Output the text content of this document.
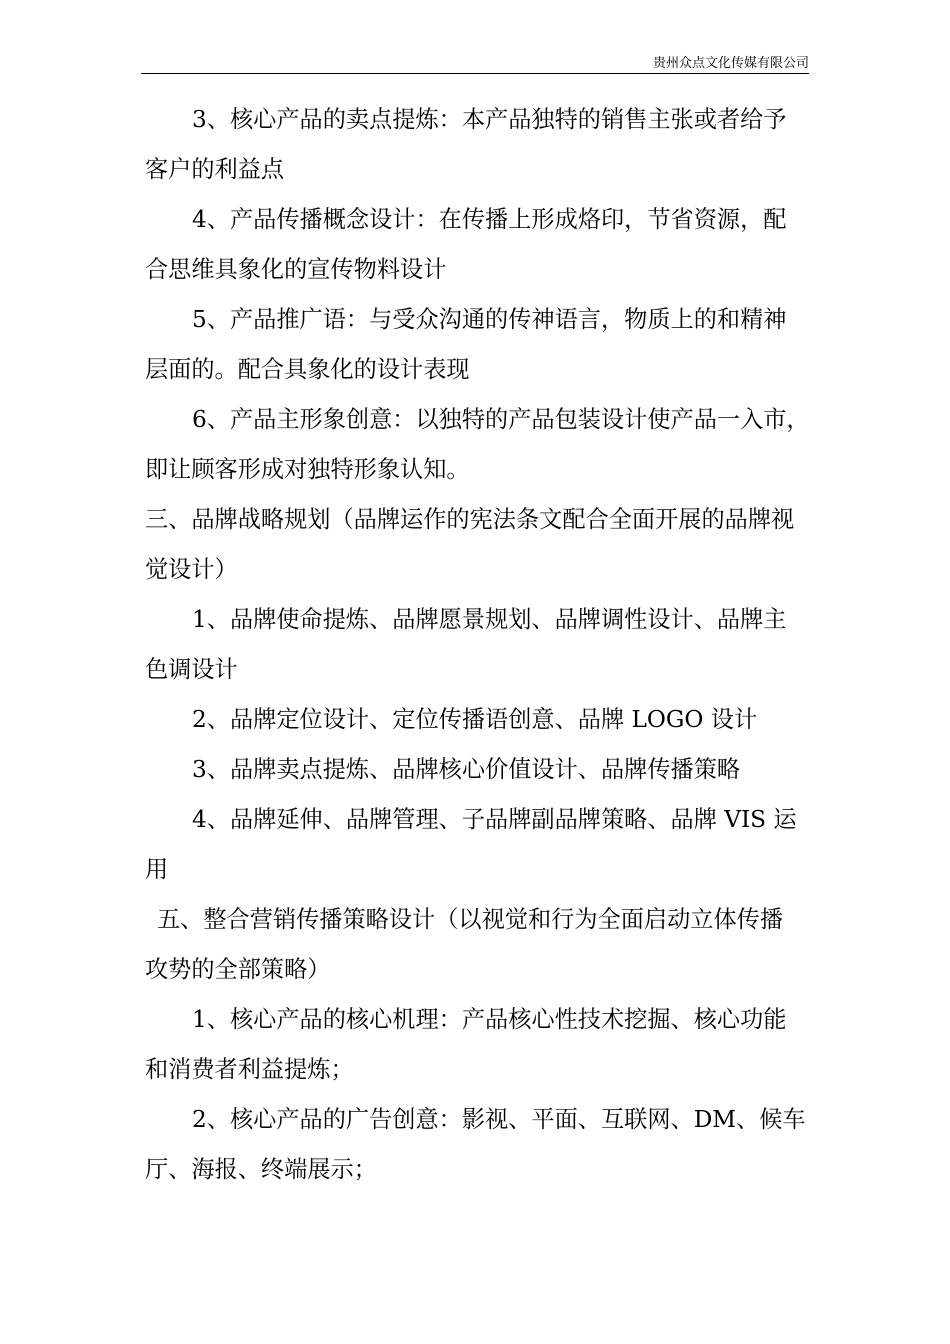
贵州众点文化传媒有限公司

3、核心产品的卖点提炼：本产品独特的销售主张或者给予

客户的利益点

4、产品传播概念设计：在传播上形成烙印，节省资源，配

合思维具象化的宣传物料设计

5、产品推广语：与受众沟通的传神语言，物质上的和精神

层面的。配合具象化的设计表现

6、产品主形象创意：以独特的产品包装设计使产品一入市，

即让顾客形成对独特形象认知。

三、品牌战略规划（品牌运作的宪法条文配合全面开展的品牌视

觉设计）

1、品牌使命提炼、品牌愿景规划、品牌调性设计、品牌主

色调设计

2、品牌定位设计、定位传播语创意、品牌 LOGO 设计

3、品牌卖点提炼、品牌核心价值设计、品牌传播策略

4、品牌延伸、品牌管理、子品牌副品牌策略、品牌 VIS 运

用

五、整合营销传播策略设计（以视觉和行为全面启动立体传播

攻势的全部策略）

1、核心产品的核心机理：产品核心性技术挖掘、核心功能

和消费者利益提炼；

2、核心产品的广告创意：影视、平面、互联网、DM、候车

厅、海报、终端展示；
